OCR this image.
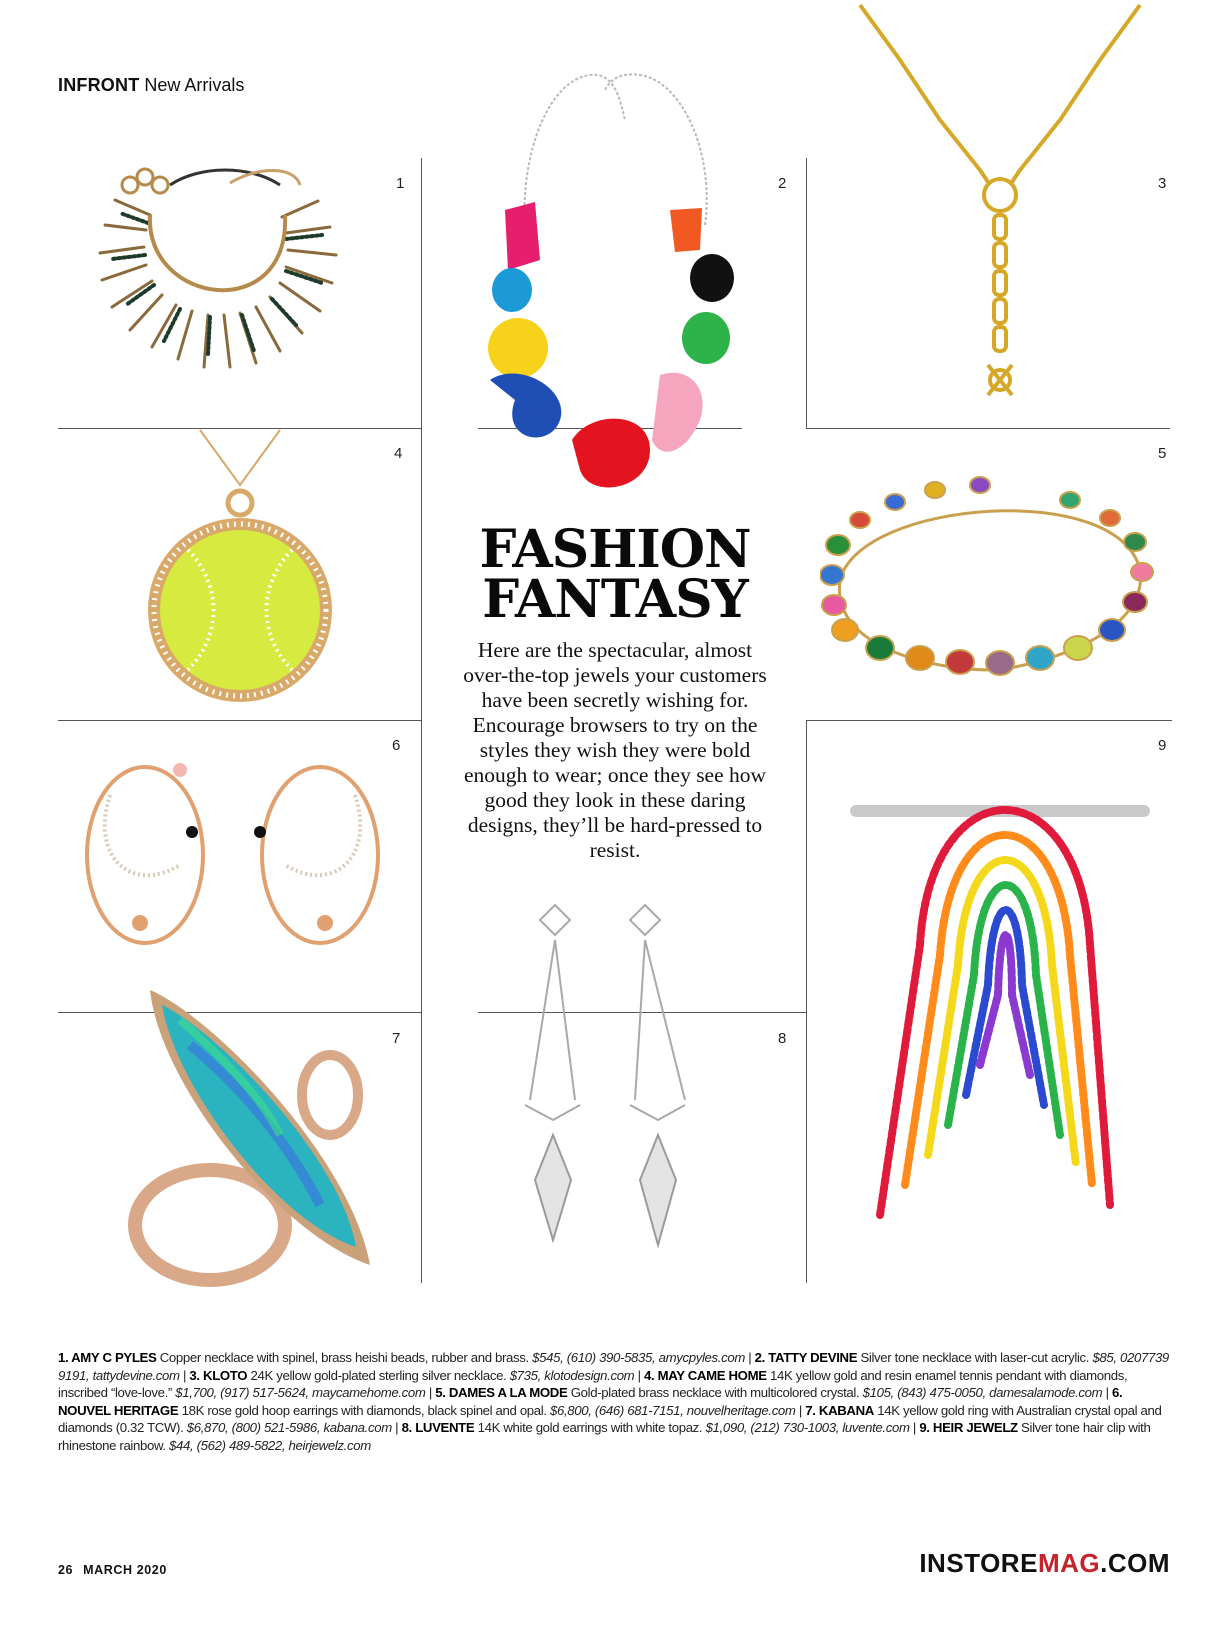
INFRONT New Arrivals
1	2	3
4	5
6	9
7	8
FASHION
FANTASY
Here are the spectacular, almost over-the-top jewels your customers have been secretly wishing for. Encourage browsers to try on the styles they wish they were bold enough to wear; once they see how good they look in these daring designs, they’ll be hard-pressed to resist.
1. AMY C PYLES Copper necklace with spinel, brass heishi beads, rubber and brass. $545, (610) 390-5835, amycpyles.com | 2. TATTY DEVINE Silver tone necklace with laser-cut acrylic. $85, 0207739 9191, tattydevine.com | 3. KLOTO 24K yellow gold-plated sterling silver necklace. $735, klotodesign.com | 4. MAY CAME HOME 14K yellow gold and resin enamel tennis pendant with diamonds, inscribed “love-love.” $1,700, (917) 517-5624, maycamehome.com | 5. DAMES A LA MODE Gold-plated brass necklace with multicolored crystal. $105, (843) 475-0050, damesalamode.com | 6. NOUVEL HERITAGE 18K rose gold hoop earrings with diamonds, black spinel and opal. $6,800, (646) 681-7151, nouvelheritage.com | 7. KABANA 14K yellow gold ring with Australian crystal opal and diamonds (0.32 TCW). $6,870, (800) 521-5986, kabana.com | 8. LUVENTE 14K white gold earrings with white topaz. $1,090, (212) 730-1003, luvente.com | 9. HEIR JEWELZ Silver tone hair clip with rhinestone rainbow. $44, (562) 489-5822, heirjewelz.com
26 MARCH 2020	INSTOREMAG.COM
